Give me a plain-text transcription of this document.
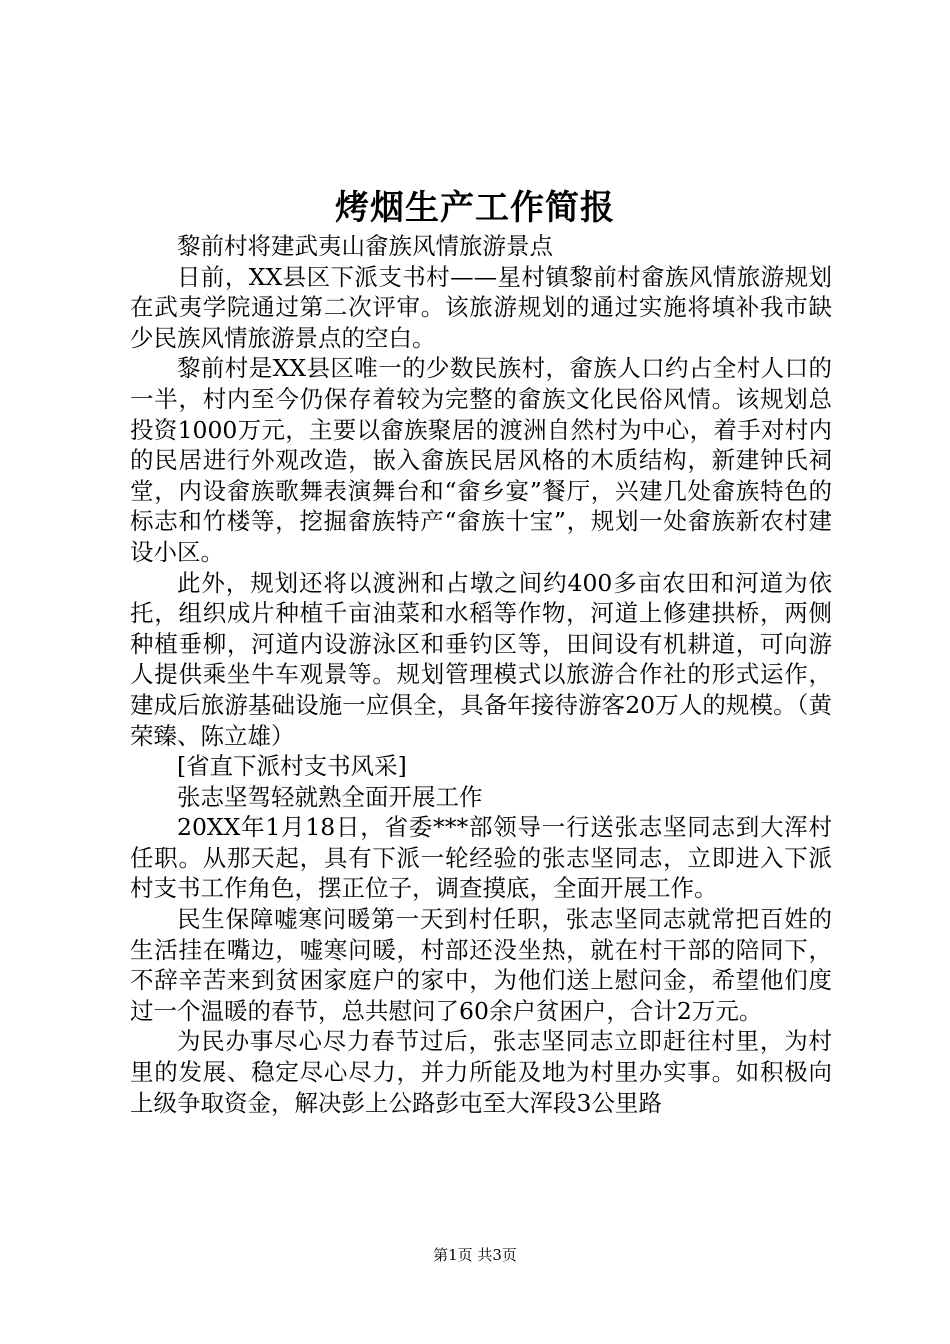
烤烟生产工作简报

黎前村将建武夷山畲族风情旅游景点

日前，XX县区下派支书村——星村镇黎前村畲族风情旅游规划在武夷学院通过第二次评审。该旅游规划的通过实施将填补我市缺少民族风情旅游景点的空白。

黎前村是XX县区唯一的少数民族村，畲族人口约占全村人口的一半，村内至今仍保存着较为完整的畲族文化民俗风情。该规划总投资1000万元，主要以畲族聚居的渡洲自然村为中心，着手对村内的民居进行外观改造，嵌入畲族民居风格的木质结构，新建钟氏祠堂，内设畲族歌舞表演舞台和“畲乡宴”餐厅，兴建几处畲族特色的标志和竹楼等，挖掘畲族特产“畲族十宝”，规划一处畲族新农村建设小区。

此外，规划还将以渡洲和占墩之间约400多亩农田和河道为依托，组织成片种植千亩油菜和水稻等作物，河道上修建拱桥，两侧种植垂柳，河道内设游泳区和垂钓区等，田间设有机耕道，可向游人提供乘坐牛车观景等。规划管理模式以旅游合作社的形式运作，建成后旅游基础设施一应俱全，具备年接待游客20万人的规模。（黄荣臻、陈立雄）

[省直下派村支书风采]

张志坚驾轻就熟全面开展工作

20XX年1月18日，省委***部领导一行送张志坚同志到大浑村任职。从那天起，具有下派一轮经验的张志坚同志，立即进入下派村支书工作角色，摆正位子，调查摸底，全面开展工作。

民生保障嘘寒问暖第一天到村任职，张志坚同志就常把百姓的生活挂在嘴边，嘘寒问暖，村部还没坐热，就在村干部的陪同下，不辞辛苦来到贫困家庭户的家中，为他们送上慰问金，希望他们度过一个温暖的春节，总共慰问了60余户贫困户，合计2万元。

为民办事尽心尽力春节过后，张志坚同志立即赶往村里，为村里的发展、稳定尽心尽力，并力所能及地为村里办实事。如积极向上级争取资金，解决彭上公路彭屯至大浑段3公里路

第1页 共3页
